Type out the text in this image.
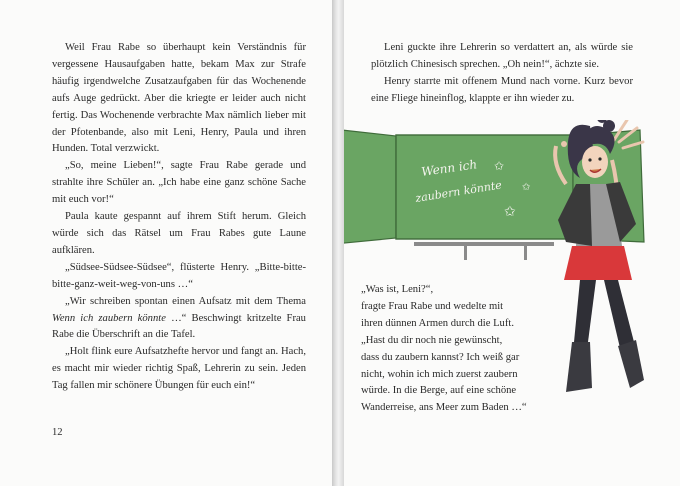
Weil Frau Rabe so überhaupt kein Verständnis für vergessene Hausaufgaben hatte, bekam Max zur Strafe häufig irgendwelche Zusatzaufgaben für das Wochenende aufs Auge gedrückt. Aber die kriegte er leider auch nicht fertig. Das Wochenende verbrachte Max nämlich lieber mit der Pfotenbande, also mit Leni, Henry, Paula und ihren Hunden. Total verzwickt.

„So, meine Lieben!“, sagte Frau Rabe gerade und strahlte ihre Schüler an. „Ich habe eine ganz schöne Sache mit euch vor!“

Paula kaute gespannt auf ihrem Stift herum. Gleich würde sich das Rätsel um Frau Rabes gute Laune aufklären.

„Südsee-Südsee-Südsee“, flüsterte Henry. „Bitte-bitte-bitte-ganz-weit-weg-von-uns …“

„Wir schreiben spontan einen Aufsatz mit dem Thema Wenn ich zaubern könnte …“ Beschwingt kritzelte Frau Rabe die Überschrift an die Tafel.

„Holt flink eure Aufsatzhefte hervor und fangt an. Hach, es macht mir wieder richtig Spaß, Lehrerin zu sein. Jeden Tag fallen mir schönere Übungen für euch ein!“

12
Wenn ich
zaubern könnte
✩
✩
✩

Leni guckte ihre Lehrerin so verdattert an, als würde sie plötzlich Chinesisch sprechen. „Oh nein!“, ächzte sie.

Henry starrte mit offenem Mund nach vorne. Kurz bevor eine Fliege hineinflog, klappte er ihn wieder zu.

„Was ist, Leni?“,

fragte Frau Rabe und wedelte mit

ihren dünnen Armen durch die Luft.

„Hast du dir noch nie gewünscht,

dass du zaubern kannst? Ich weiß gar

nicht, wohin ich mich zuerst zaubern

würde. In die Berge, auf eine schöne

Wanderreise, ans Meer zum Baden …“
